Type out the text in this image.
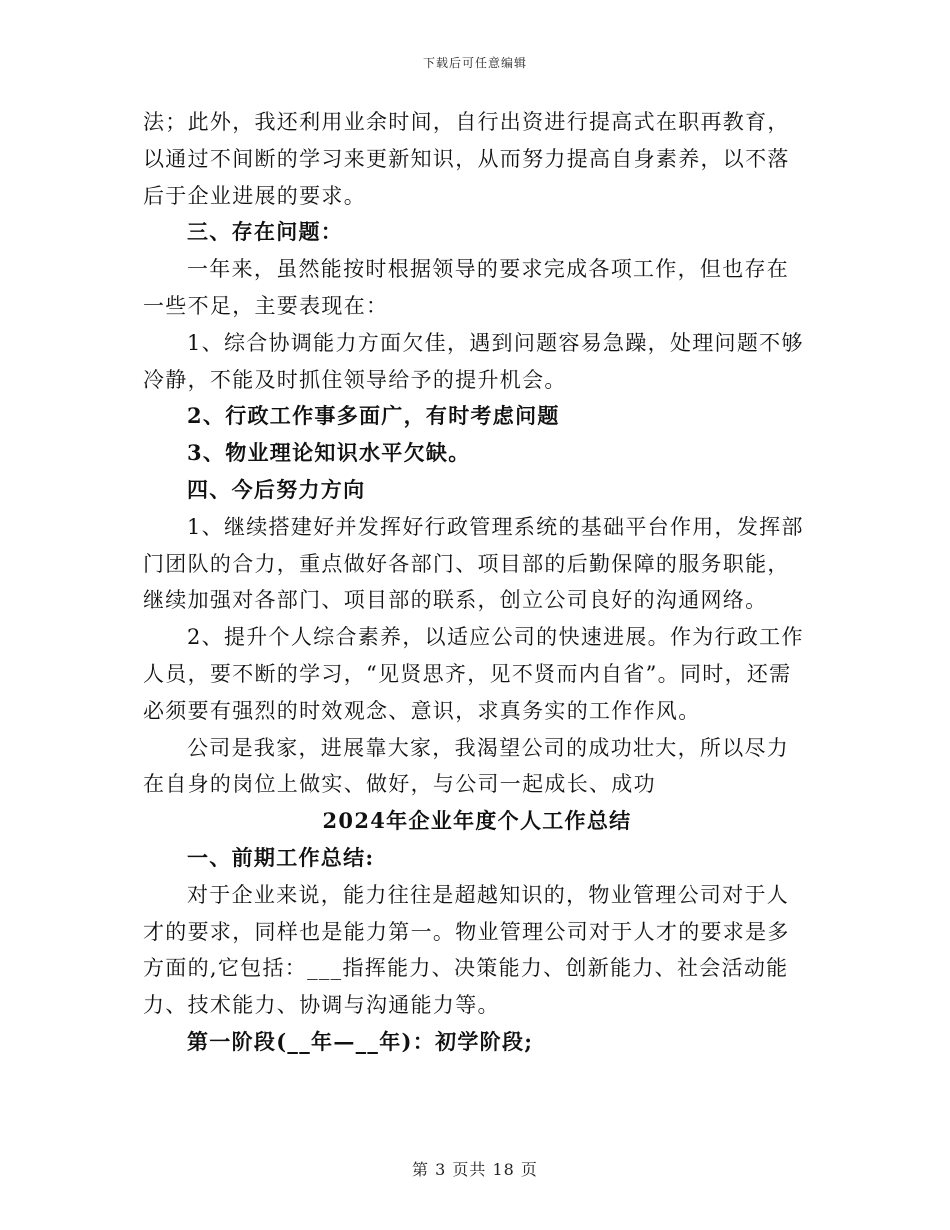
下载后可任意编辑

法；此外，我还利用业余时间，自行出资进行提高式在职再教育，以通过不间断的学习来更新知识，从而努力提高自身素养，以不落后于企业进展的要求。

三、存在问题：

一年来，虽然能按时根据领导的要求完成各项工作，但也存在一些不足，主要表现在：

1、综合协调能力方面欠佳，遇到问题容易急躁，处理问题不够冷静，不能及时抓住领导给予的提升机会。

2、行政工作事多面广，有时考虑问题

3、物业理论知识水平欠缺。

四、今后努力方向

1、继续搭建好并发挥好行政管理系统的基础平台作用，发挥部门团队的合力，重点做好各部门、项目部的后勤保障的服务职能，继续加强对各部门、项目部的联系，创立公司良好的沟通网络。

2、提升个人综合素养，以适应公司的快速进展。作为行政工作人员，要不断的学习，“见贤思齐，见不贤而内自省”。同时，还需必须要有强烈的时效观念、意识，求真务实的工作作风。

公司是我家，进展靠大家，我渴望公司的成功壮大，所以尽力在自身的岗位上做实、做好，与公司一起成长、成功

2024年企业年度个人工作总结

一、前期工作总结:

对于企业来说，能力往往是超越知识的，物业管理公司对于人才的要求，同样也是能力第一。物业管理公司对于人才的要求是多方面的,它包括：___指挥能力、决策能力、创新能力、社会活动能力、技术能力、协调与沟通能力等。

第一阶段(__年—__年)：初学阶段;

第 3 页共 18 页
